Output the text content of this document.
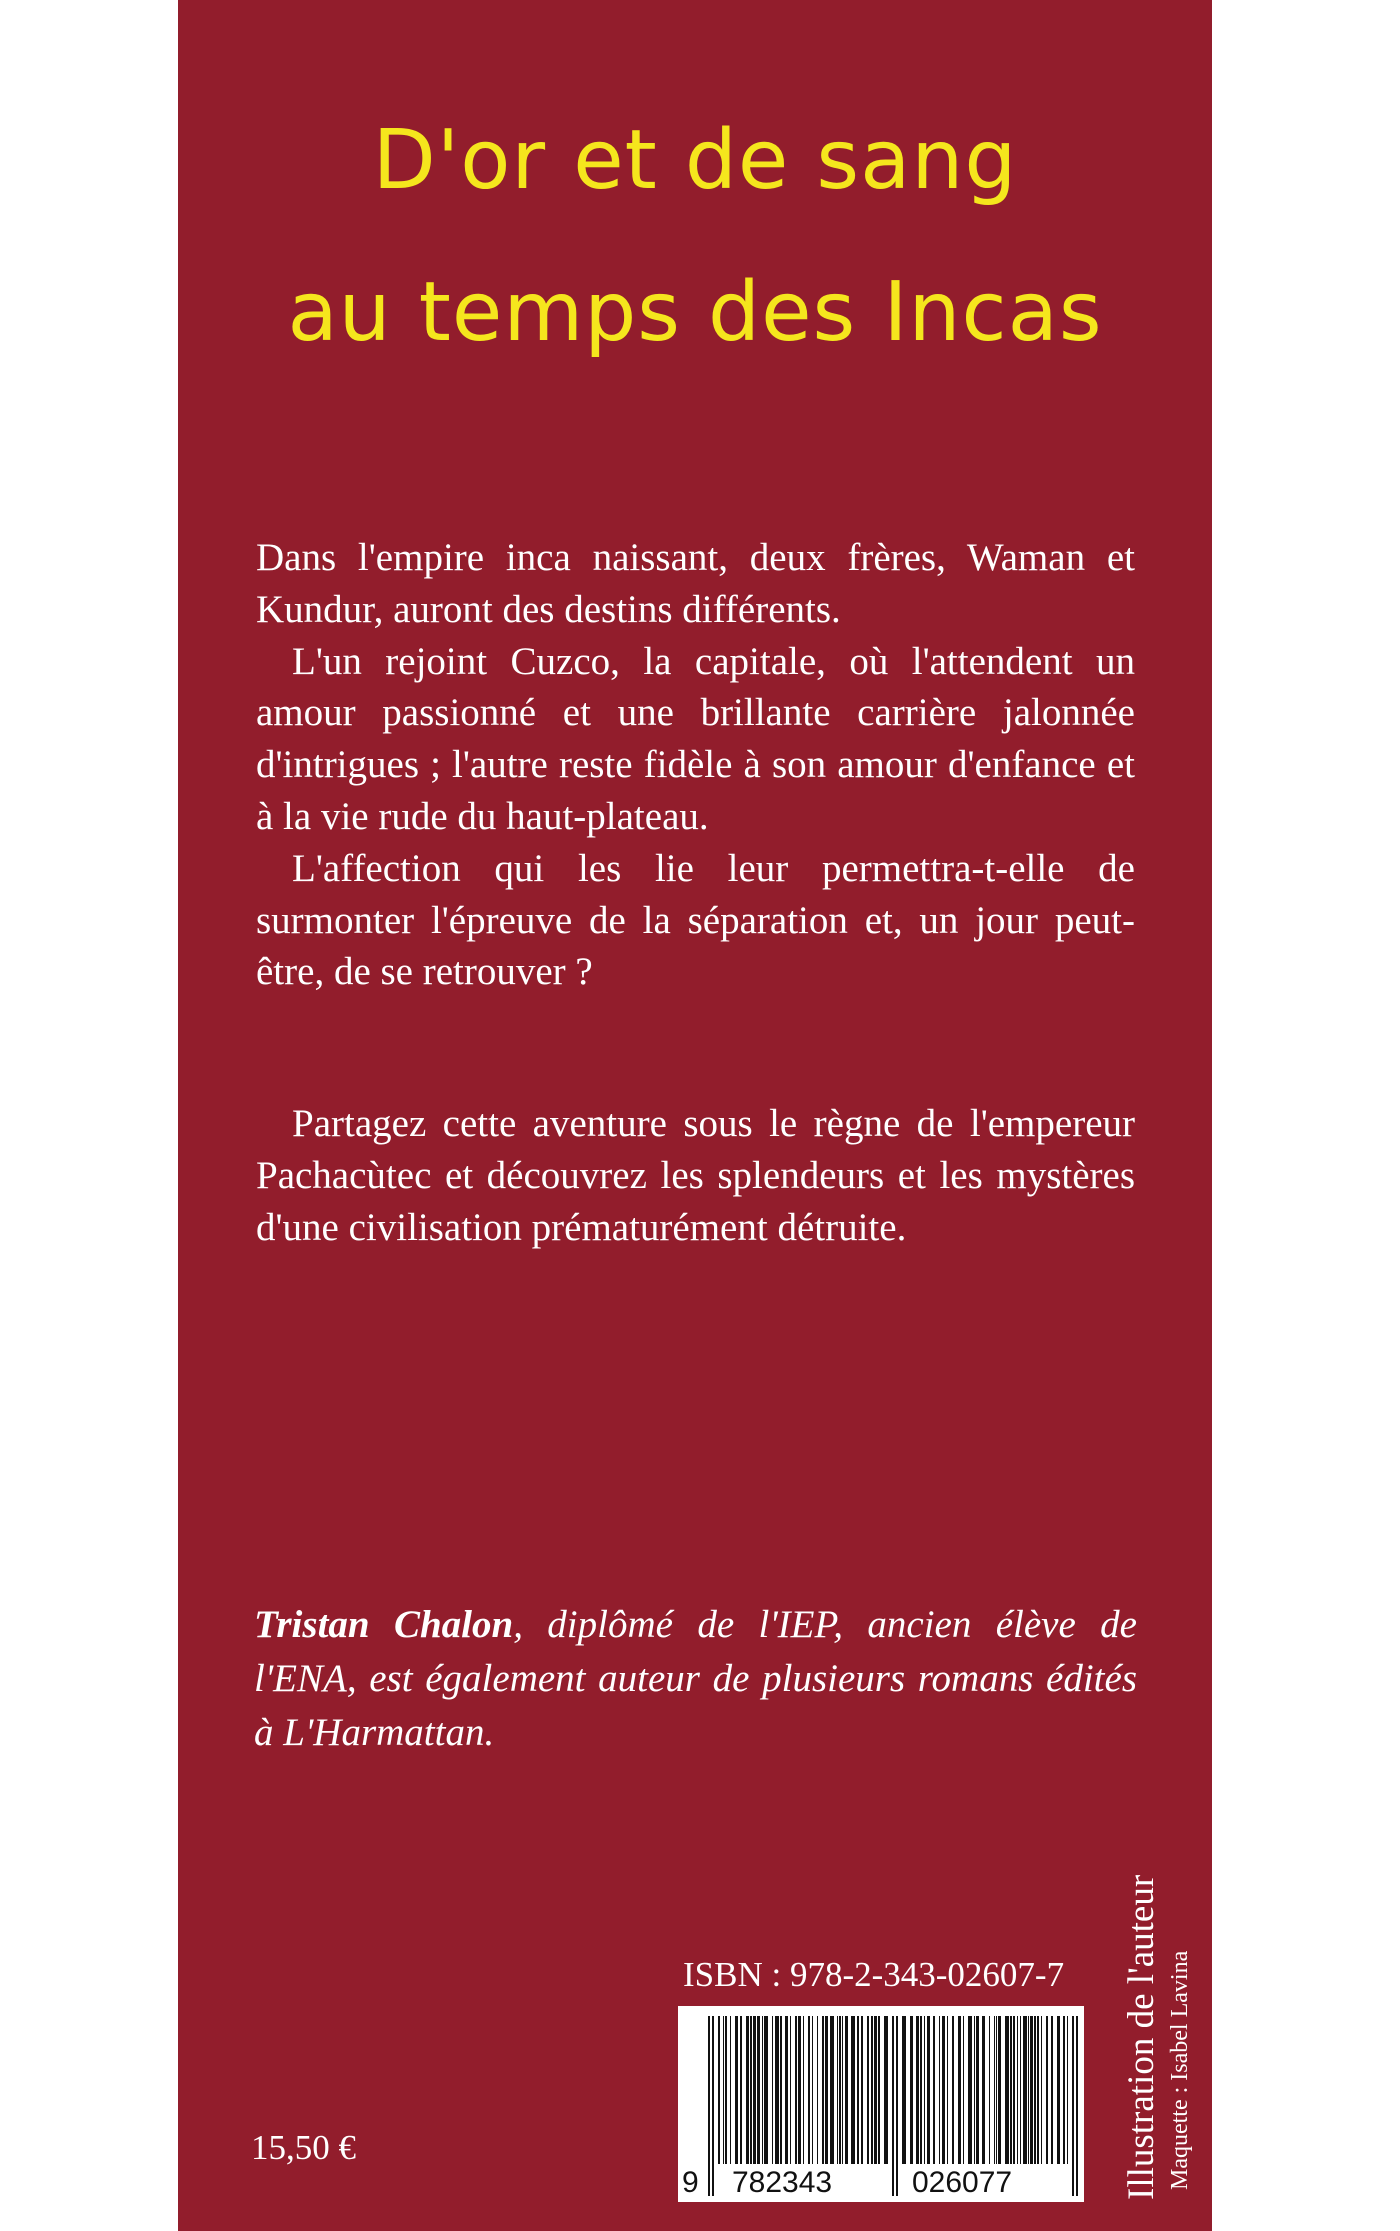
D'or et de sang
au temps des Incas

Dans l'empire inca naissant, deux frères, Waman et Kundur, auront des destins différents.

L'un rejoint Cuzco, la capitale, où l'attendent un amour passionné et une brillante carrière jalonnée d'intrigues ; l'autre reste fidèle à son amour d'enfance et à la vie rude du haut-plateau.

L'affection qui les lie leur permettra-t-elle de surmonter l'épreuve de la séparation et, un jour peut-être, de se retrouver ?

Partagez cette aventure sous le règne de l'empereur Pachacùtec et découvrez les splendeurs et les mystères d'une civilisation prématurément détruite.

Tristan Chalon, diplômé de l'IEP, ancien élève de l'ENA, est également auteur de plusieurs romans édités à L'Harmattan.
ISBN : 978-2-343-02607-7
9 782343	026077
15,50 €	Illustration de l'auteur Maquette : Isabel Lavina
